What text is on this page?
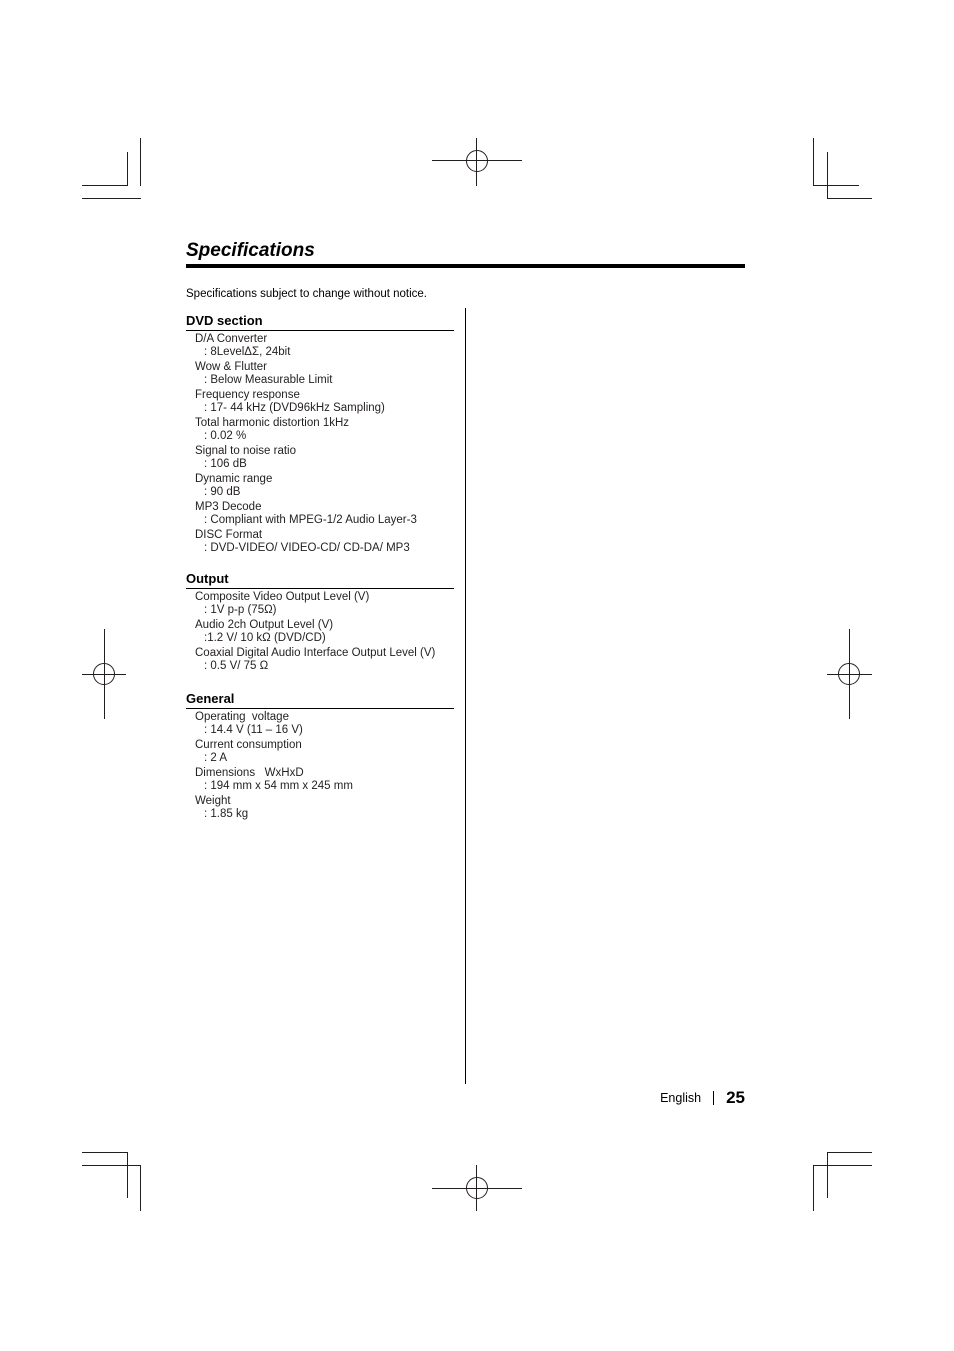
Specifications

Specifications subject to change without notice.

DVD section
D/A Converter
: 8LevelΔΣ, 24bit
Wow & Flutter
: Below Measurable Limit
Frequency response
: 17- 44 kHz (DVD96kHz Sampling)
Total harmonic distortion 1kHz
: 0.02 %
Signal to noise ratio
: 106 dB
Dynamic range
: 90 dB
MP3 Decode
: Compliant with MPEG-1/2 Audio Layer-3
DISC Format
: DVD-VIDEO/ VIDEO-CD/ CD-DA/ MP3
Output
Composite Video Output Level (V)
: 1V p-p (75Ω)
Audio 2ch Output Level (V)
:1.2 V/ 10 kΩ (DVD/CD)
Coaxial Digital Audio Interface Output Level (V)
: 0.5 V/ 75 Ω
General
Operating  voltage
: 14.4 V (11 – 16 V)
Current consumption
: 2 A
Dimensions   WxHxD
: 194 mm x 54 mm x 245 mm
Weight
: 1.85 kg
English 25
